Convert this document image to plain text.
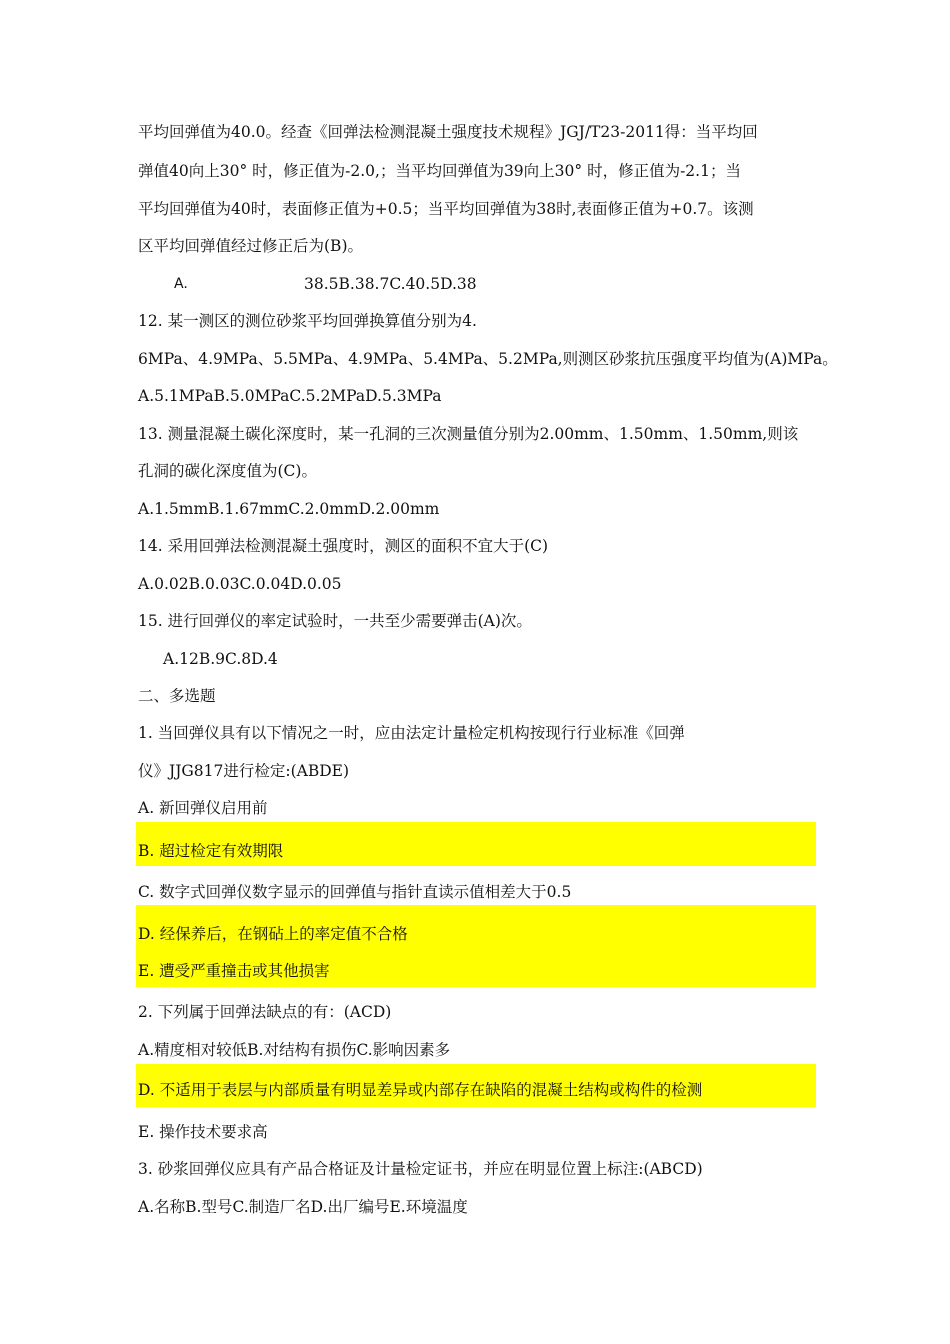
平均回弹值为40.0。经查《回弹法检测混凝土强度技术规程》JGJ/T23-2011得：当平均回
弹值40向上30° 时，修正值为-2.0,；当平均回弹值为39向上30° 时，修正值为-2.1；当
平均回弹值为40时，表面修正值为+0.5；当平均回弹值为38时,表面修正值为+0.7。该测
区平均回弹值经过修正后为(B)。
A.	38.5B.38.7C.40.5D.38
12. 某一测区的测位砂浆平均回弹换算值分别为4.
6MPa、4.9MPa、5.5MPa、4.9MPa、5.4MPa、5.2MPa,则测区砂浆抗压强度平均值为(A)MPa。
A.5.1MPaB.5.0MPaC.5.2MPaD.5.3MPa
13. 测量混凝土碳化深度时，某一孔洞的三次测量值分别为2.00mm、1.50mm、1.50mm,则该
孔洞的碳化深度值为(C)。
A.1.5mmB.1.67mmC.2.0mmD.2.00mm
14. 采用回弹法检测混凝土强度时，测区的面积不宜大于(C)
A.0.02B.0.03C.0.04D.0.05
15. 进行回弹仪的率定试验时，一共至少需要弹击(A)次。
A.12B.9C.8D.4
二、多选题
1. 当回弹仪具有以下情况之一时，应由法定计量检定机构按现行行业标准《回弹
仪》JJG817进行检定:(ABDE)
A. 新回弹仪启用前
B. 超过检定有效期限
C. 数字式回弹仪数字显示的回弹值与指针直读示值相差大于0.5
D. 经保养后，在钢砧上的率定值不合格
E. 遭受严重撞击或其他损害
2. 下列属于回弹法缺点的有：(ACD)
A.精度相对较低B.对结构有损伤C.影响因素多
D. 不适用于表层与内部质量有明显差异或内部存在缺陷的混凝土结构或构件的检测
E. 操作技术要求高
3. 砂浆回弹仪应具有产品合格证及计量检定证书，并应在明显位置上标注:(ABCD)
A.名称B.型号C.制造厂名D.出厂编号E.环境温度
